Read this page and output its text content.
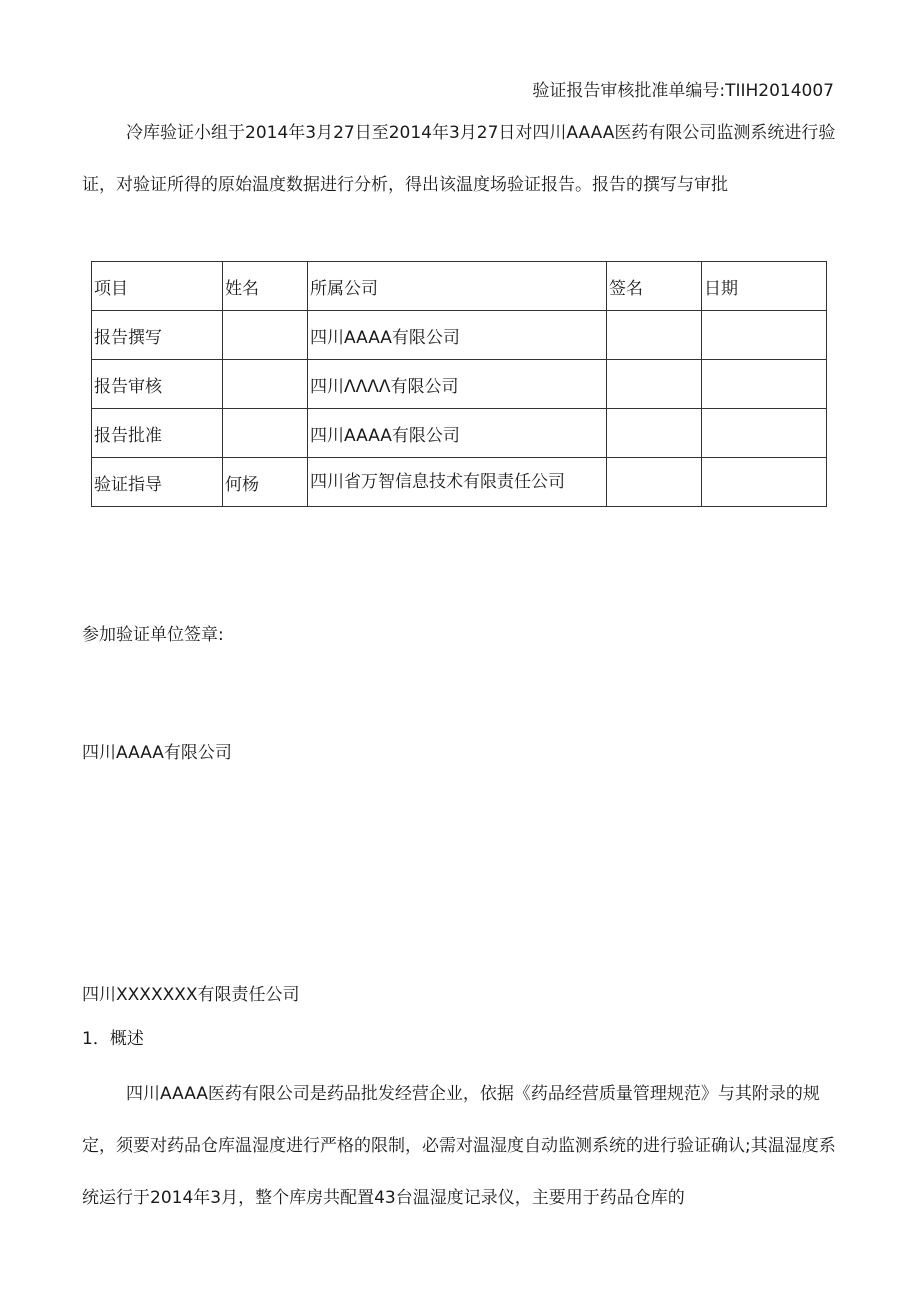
验证报告审核批准单编号:TIIH2014007
冷库验证小组于2014年3月27日至2014年3月27日对四川AAAA医药有限公司监测系统进行验证，对验证所得的原始温度数据进行分析，得出该温度场验证报告。报告的撰写与审批
项目	姓名	所属公司	签名	日期
报告撰写		四川AAAA有限公司		
报告审核		四川ΛΛΛΛ有限公司		
报告批准		四川AAAA有限公司		
验证指导	何杨	四川省万智信息技术有限责任公司		
参加验证单位签章:
四川AAAA有限公司
四川XXXXXXX有限责任公司
1．概述
四川AAAA医药有限公司是药品批发经营企业，依据《药品经营质量管理规范》与其附录的规定，须要对药品仓库温湿度进行严格的限制，必需对温湿度自动监测系统的进行验证确认;其温湿度系统运行于2014年3月，整个库房共配置43台温湿度记录仪，主要用于药品仓库的
